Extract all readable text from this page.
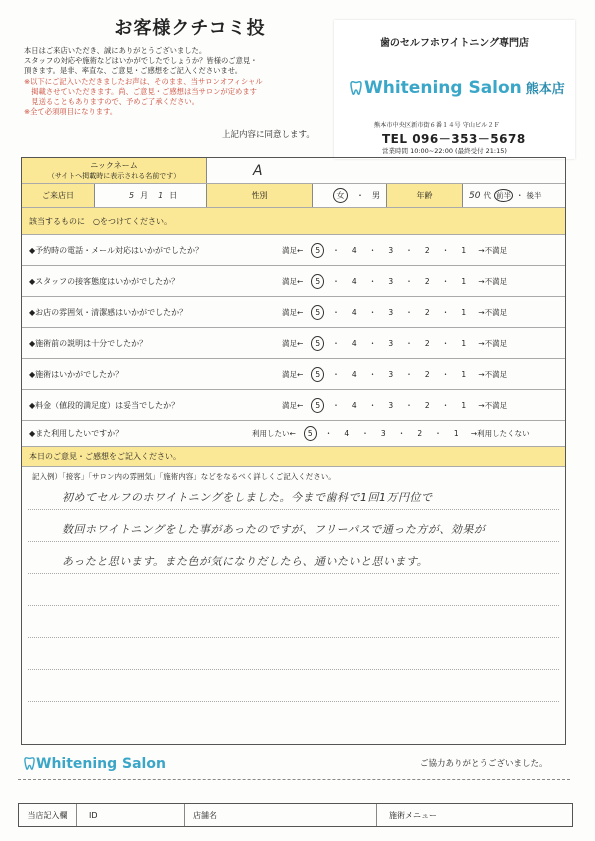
お客様クチコミ投
本日はご来店いただき、誠にありがとうございました。
スタッフの対応や施術などはいかがでしたでしょうか？皆様のご意見・
頂きます。是非、率直な、ご意見・ご感想をご記入くださいませ。
※以下にご記入いただきましたお声は、そのまま、当サロンオフィシャル
　掲載させていただきます。尚、ご意見・ご感想は当サロンが定めます
　見送ることもありますので、予めご了承ください。
※全て必須項目になります。
上記内容に同意します。
歯のセルフホワイトニング専門店
Whitening Salon 熊本店
熊本市中央区新市街６番１４号 守山ビル２Ｆ
TEL 096－353－5678
営業時間 10:00~22:00 (最終受付 21:15)
ニックネーム
（サイトへ掲載時に表示される名前です）	A
ご来店日	5 月 1 日	性別	女	・ 男	年齢	50 代 前半 ・ 後半
該当するものに　○をつけてください。
◆予約時の電話・メール対応はいかがでしたか？	満足←	5	・	4	・	3	・	2	・	1	→不満足
◆スタッフの接客態度はいかがでしたか？	満足←	5	・	4	・	3	・	2	・	1	→不満足
◆お店の雰囲気・清潔感はいかがでしたか？	満足←	5	・	4	・	3	・	2	・	1	→不満足
◆施術前の説明は十分でしたか？	満足←	5	・	4	・	3	・	2	・	1	→不満足
◆施術はいかがでしたか？	満足←	5	・	4	・	3	・	2	・	1	→不満足
◆料金（値段的満足度）は妥当でしたか？	満足←	5	・	4	・	3	・	2	・	1	→不満足
◆また利用したいですか？	利用したい←	5	・	4	・	3	・	2	・	1	→利用したくない
本日のご意見・ご感想をご記入ください。
記入例）「接客」「サロン内の雰囲気」「施術内容」などをなるべく詳しくご記入ください。
初めてセルフのホワイトニングをしました。今まで歯科で1回1万円位で
数回ホワイトニングをした事があったのですが、フリーパスで通った方が、効果が
あったと思います。また色が気になりだしたら、通いたいと思います。
Whitening Salon	ご協力ありがとうございました。
当店記入欄	ID	店舗名	施術メニュー
